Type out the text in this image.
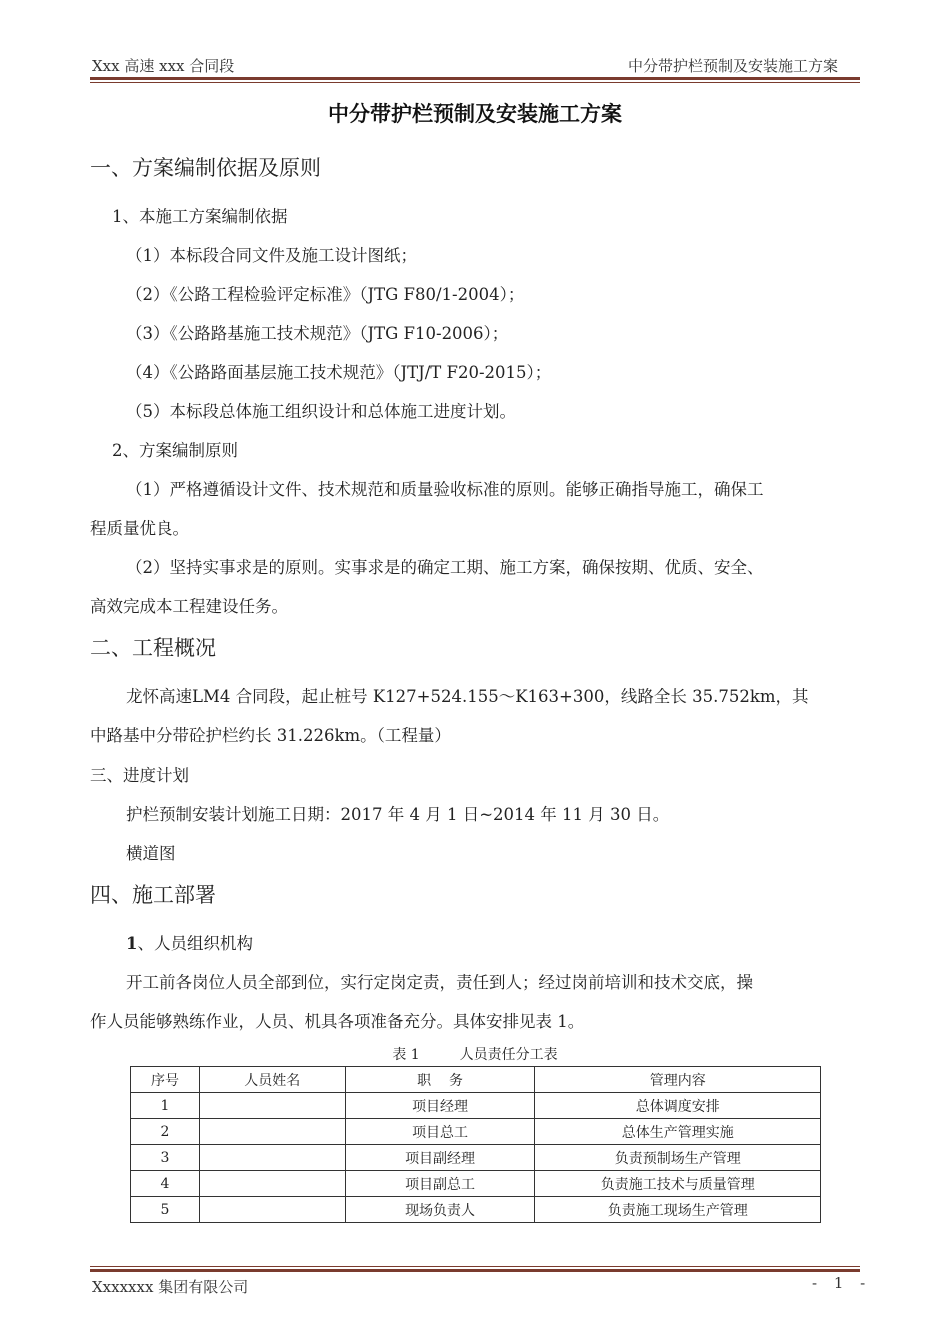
Xxx 高速 xxx 合同段	中分带护栏预制及安装施工方案
中分带护栏预制及安装施工方案
一、方案编制依据及原则
1、本施工方案编制依据
（1）本标段合同文件及施工设计图纸；
（2）《公路工程检验评定标准》（JTG F80/1-2004）；
（3）《公路路基施工技术规范》（JTG F10-2006）；
（4）《公路路面基层施工技术规范》（JTJ/T F20-2015）；
（5）本标段总体施工组织设计和总体施工进度计划。
2、方案编制原则
（1）严格遵循设计文件、技术规范和质量验收标准的原则。能够正确指导施工，确保工
程质量优良。
（2）坚持实事求是的原则。实事求是的确定工期、施工方案，确保按期、优质、安全、
高效完成本工程建设任务。
二、工程概况
龙怀高速LM4 合同段，起止桩号 K127+524.155～K163+300，线路全长 35.752km，其
中路基中分带砼护栏约长 31.226km。（工程量）
三、进度计划
护栏预制安装计划施工日期：2017 年 4 月 1 日~2014 年 11 月 30 日。
横道图
四、施工部署
1、人员组织机构
开工前各岗位人员全部到位，实行定岗定责，责任到人；经过岗前培训和技术交底，操
作人员能够熟练作业，人员、机具各项准备充分。具体安排见表 1。
表 1	人员责任分工表
序号	人员姓名	职    务	管理内容
1		项目经理	总体调度安排
2		项目总工	总体生产管理实施
3		项目副经理	负责预制场生产管理
4		项目副总工	负责施工技术与质量管理
5		现场负责人	负责施工现场生产管理
Xxxxxxx 集团有限公司	- 1 -
